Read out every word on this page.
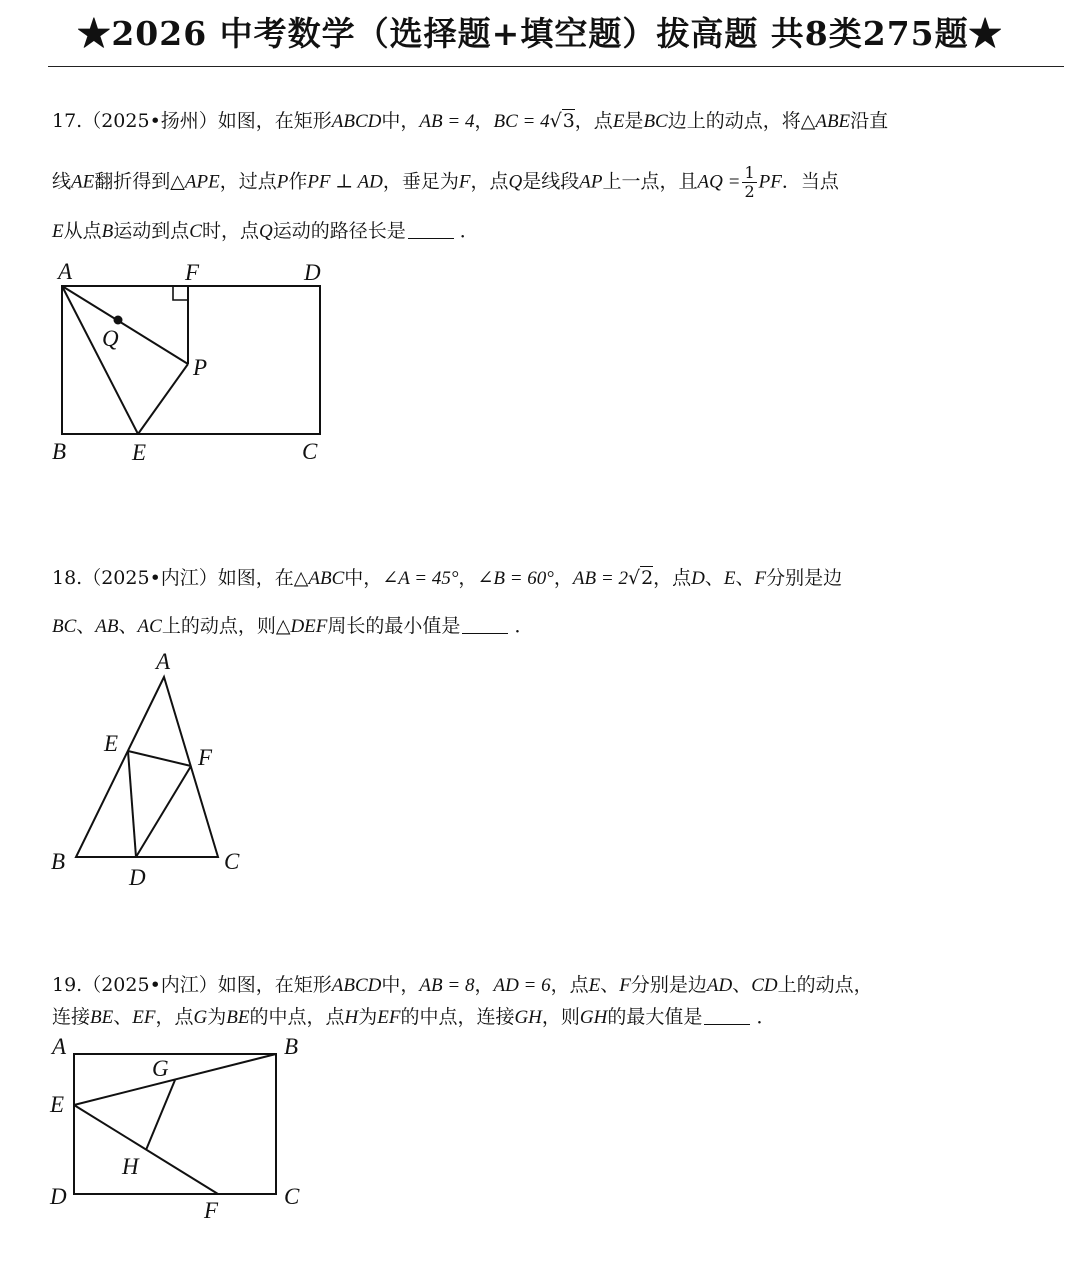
★2026 中考数学（选择题+填空题）拔高题 共8类275题★
17.（2025•扬州）如图，在矩形ABCD中，AB = 4，BC = 4√3，点E是BC边上的动点，将△ABE沿直
线AE翻折得到△APE，过点P作PF ⊥ AD，垂足为F，点Q是线段AP上一点，且AQ = $\frac{1}{2}$ PF．当点
E从点B运动到点C时，点Q运动的路径长是	．
A	F	D
Q
P
B	E	C
18.（2025•内江）如图，在△ABC中，∠A = 45°，∠B = 60°，AB = 2√2，点D、E、F分别是边
BC、AB、AC上的动点，则△DEF周长的最小值是	．
A
E
F
B
D
C
19.（2025•内江）如图，在矩形ABCD中，AB = 8，AD = 6，点E、F分别是边AD、CD上的动点，
连接BE、EF，点G为BE的中点，点H为EF的中点，连接GH，则GH的最大值是	．
A	B
G
E
H
D	C
F
